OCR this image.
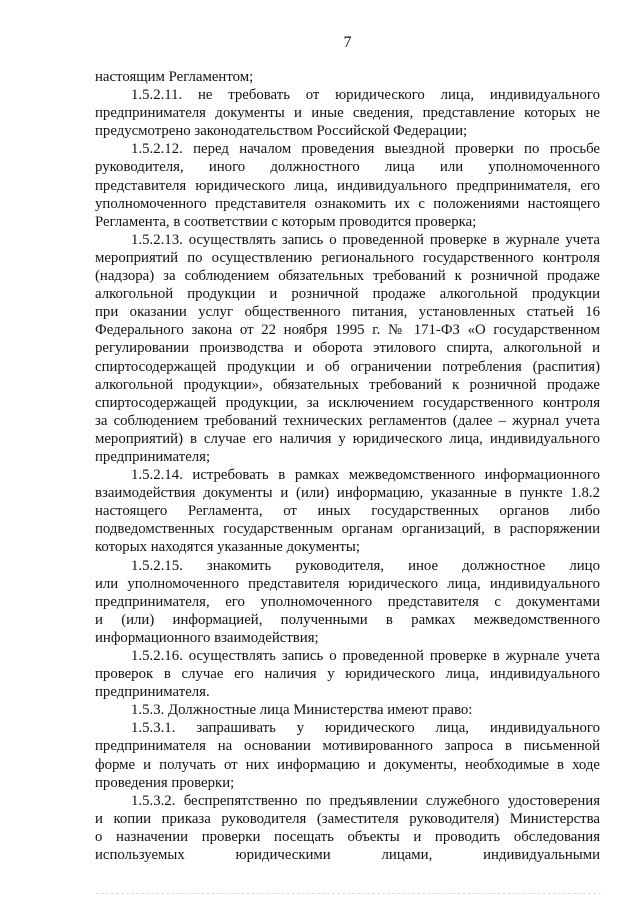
7
настоящим Регламентом;
1.5.2.11. не требовать от юридического лица, индивидуального
предпринимателя документы и иные сведения, представление которых не
предусмотрено законодательством Российской Федерации;
1.5.2.12. перед началом проведения выездной проверки по просьбе
руководителя, иного должностного лица или уполномоченного
представителя юридического лица, индивидуального предпринимателя, его
уполномоченного представителя ознакомить их с положениями настоящего
Регламента, в соответствии с которым проводится проверка;
1.5.2.13. осуществлять запись о проведенной проверке в журнале учета
мероприятий по осуществлению регионального государственного контроля
(надзора) за соблюдением обязательных требований к розничной продаже
алкогольной продукции и розничной продаже алкогольной продукции
при оказании услуг общественного питания, установленных статьей 16
Федерального закона от 22 ноября 1995 г. № 171-ФЗ «О государственном
регулировании производства и оборота этилового спирта, алкогольной и
спиртосодержащей продукции и об ограничении потребления (распития)
алкогольной продукции», обязательных требований к розничной продаже
спиртосодержащей продукции, за исключением государственного контроля
за соблюдением требований технических регламентов (далее – журнал учета
мероприятий) в случае его наличия у юридического лица, индивидуального
предпринимателя;
1.5.2.14. истребовать в рамках межведомственного информационного
взаимодействия документы и (или) информацию, указанные в пункте 1.8.2
настоящего Регламента, от иных государственных органов либо
подведомственных государственным органам организаций, в распоряжении
которых находятся указанные документы;
1.5.2.15. знакомить руководителя, иное должностное лицо
или уполномоченного представителя юридического лица, индивидуального
предпринимателя, его уполномоченного представителя с документами
и (или) информацией, полученными в рамках межведомственного
информационного взаимодействия;
1.5.2.16. осуществлять запись о проведенной проверке в журнале учета
проверок в случае его наличия у юридического лица, индивидуального
предпринимателя.
1.5.3. Должностные лица Министерства имеют право:
1.5.3.1. запрашивать у юридического лица, индивидуального
предпринимателя на основании мотивированного запроса в письменной
форме и получать от них информацию и документы, необходимые в ходе
проведения проверки;
1.5.3.2. беспрепятственно по предъявлении служебного удостоверения
и копии приказа руководителя (заместителя руководителя) Министерства
о назначении проверки посещать объекты и проводить обследования
используемых юридическими лицами, индивидуальными
